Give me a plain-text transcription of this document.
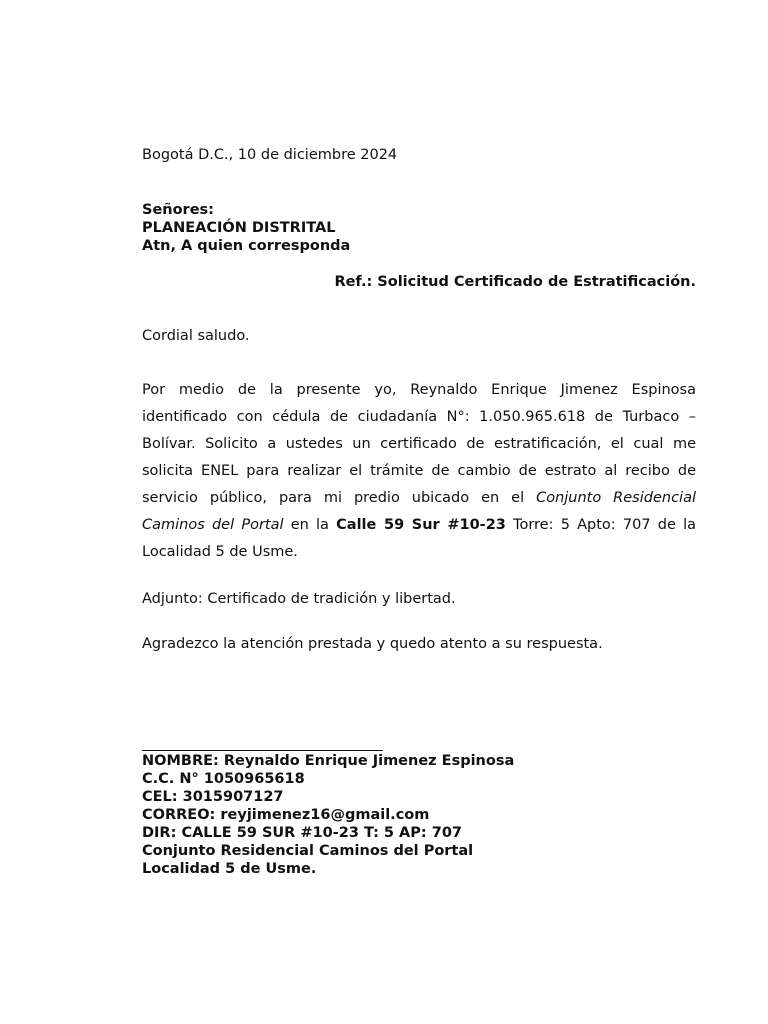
Bogotá D.C., 10 de diciembre 2024
Señores:
PLANEACIÓN DISTRITAL
Atn, A quien corresponda
Ref.: Solicitud Certificado de Estratificación.
Cordial saludo.
Por medio de la presente yo, Reynaldo Enrique Jimenez Espinosa identificado con cédula de ciudadanía N°: 1.050.965.618 de Turbaco – Bolívar. Solicito a ustedes un certificado de estratificación, el cual me solicita ENEL para realizar el trámite de cambio de estrato al recibo de servicio público, para mi predio ubicado en el Conjunto Residencial Caminos del Portal en la Calle 59 Sur #10-23 Torre: 5 Apto: 707 de la Localidad 5 de Usme.
Adjunto: Certificado de tradición y libertad.
Agradezco la atención prestada y quedo atento a su respuesta.
NOMBRE: Reynaldo Enrique Jimenez Espinosa
C.C. N° 1050965618
CEL: 3015907127
CORREO: reyjimenez16@gmail.com
DIR: CALLE 59 SUR #10-23 T: 5 AP: 707
Conjunto Residencial Caminos del Portal
Localidad 5 de Usme.
